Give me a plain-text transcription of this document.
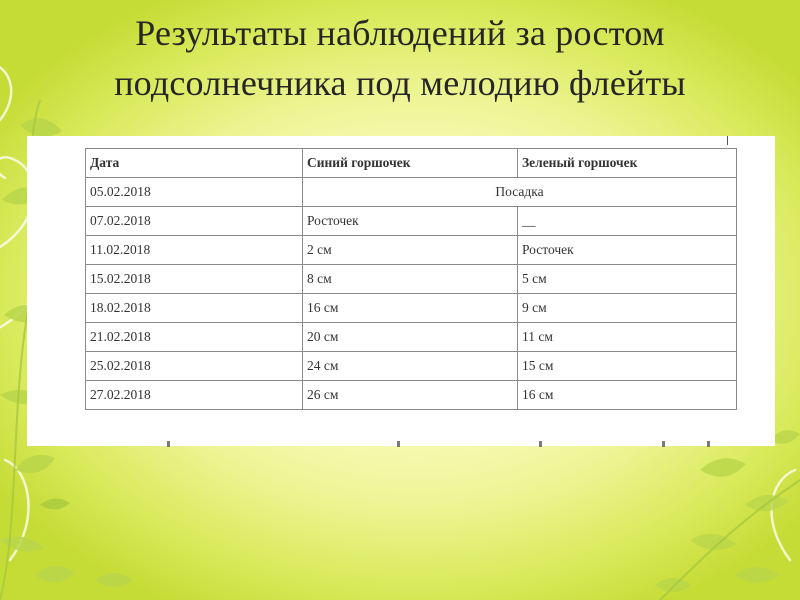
Результаты наблюдений за ростом
подсолнечника под мелодию флейты
Дата	Синий горшочек	Зеленый горшочек
05.02.2018	Посадка	
07.02.2018	Росточек	__
11.02.2018	2 см	Росточек
15.02.2018	8 см	5 см
18.02.2018	16 см	9 см
21.02.2018	20 см	11 см
25.02.2018	24 см	15 см
27.02.2018	26 см	16 см
